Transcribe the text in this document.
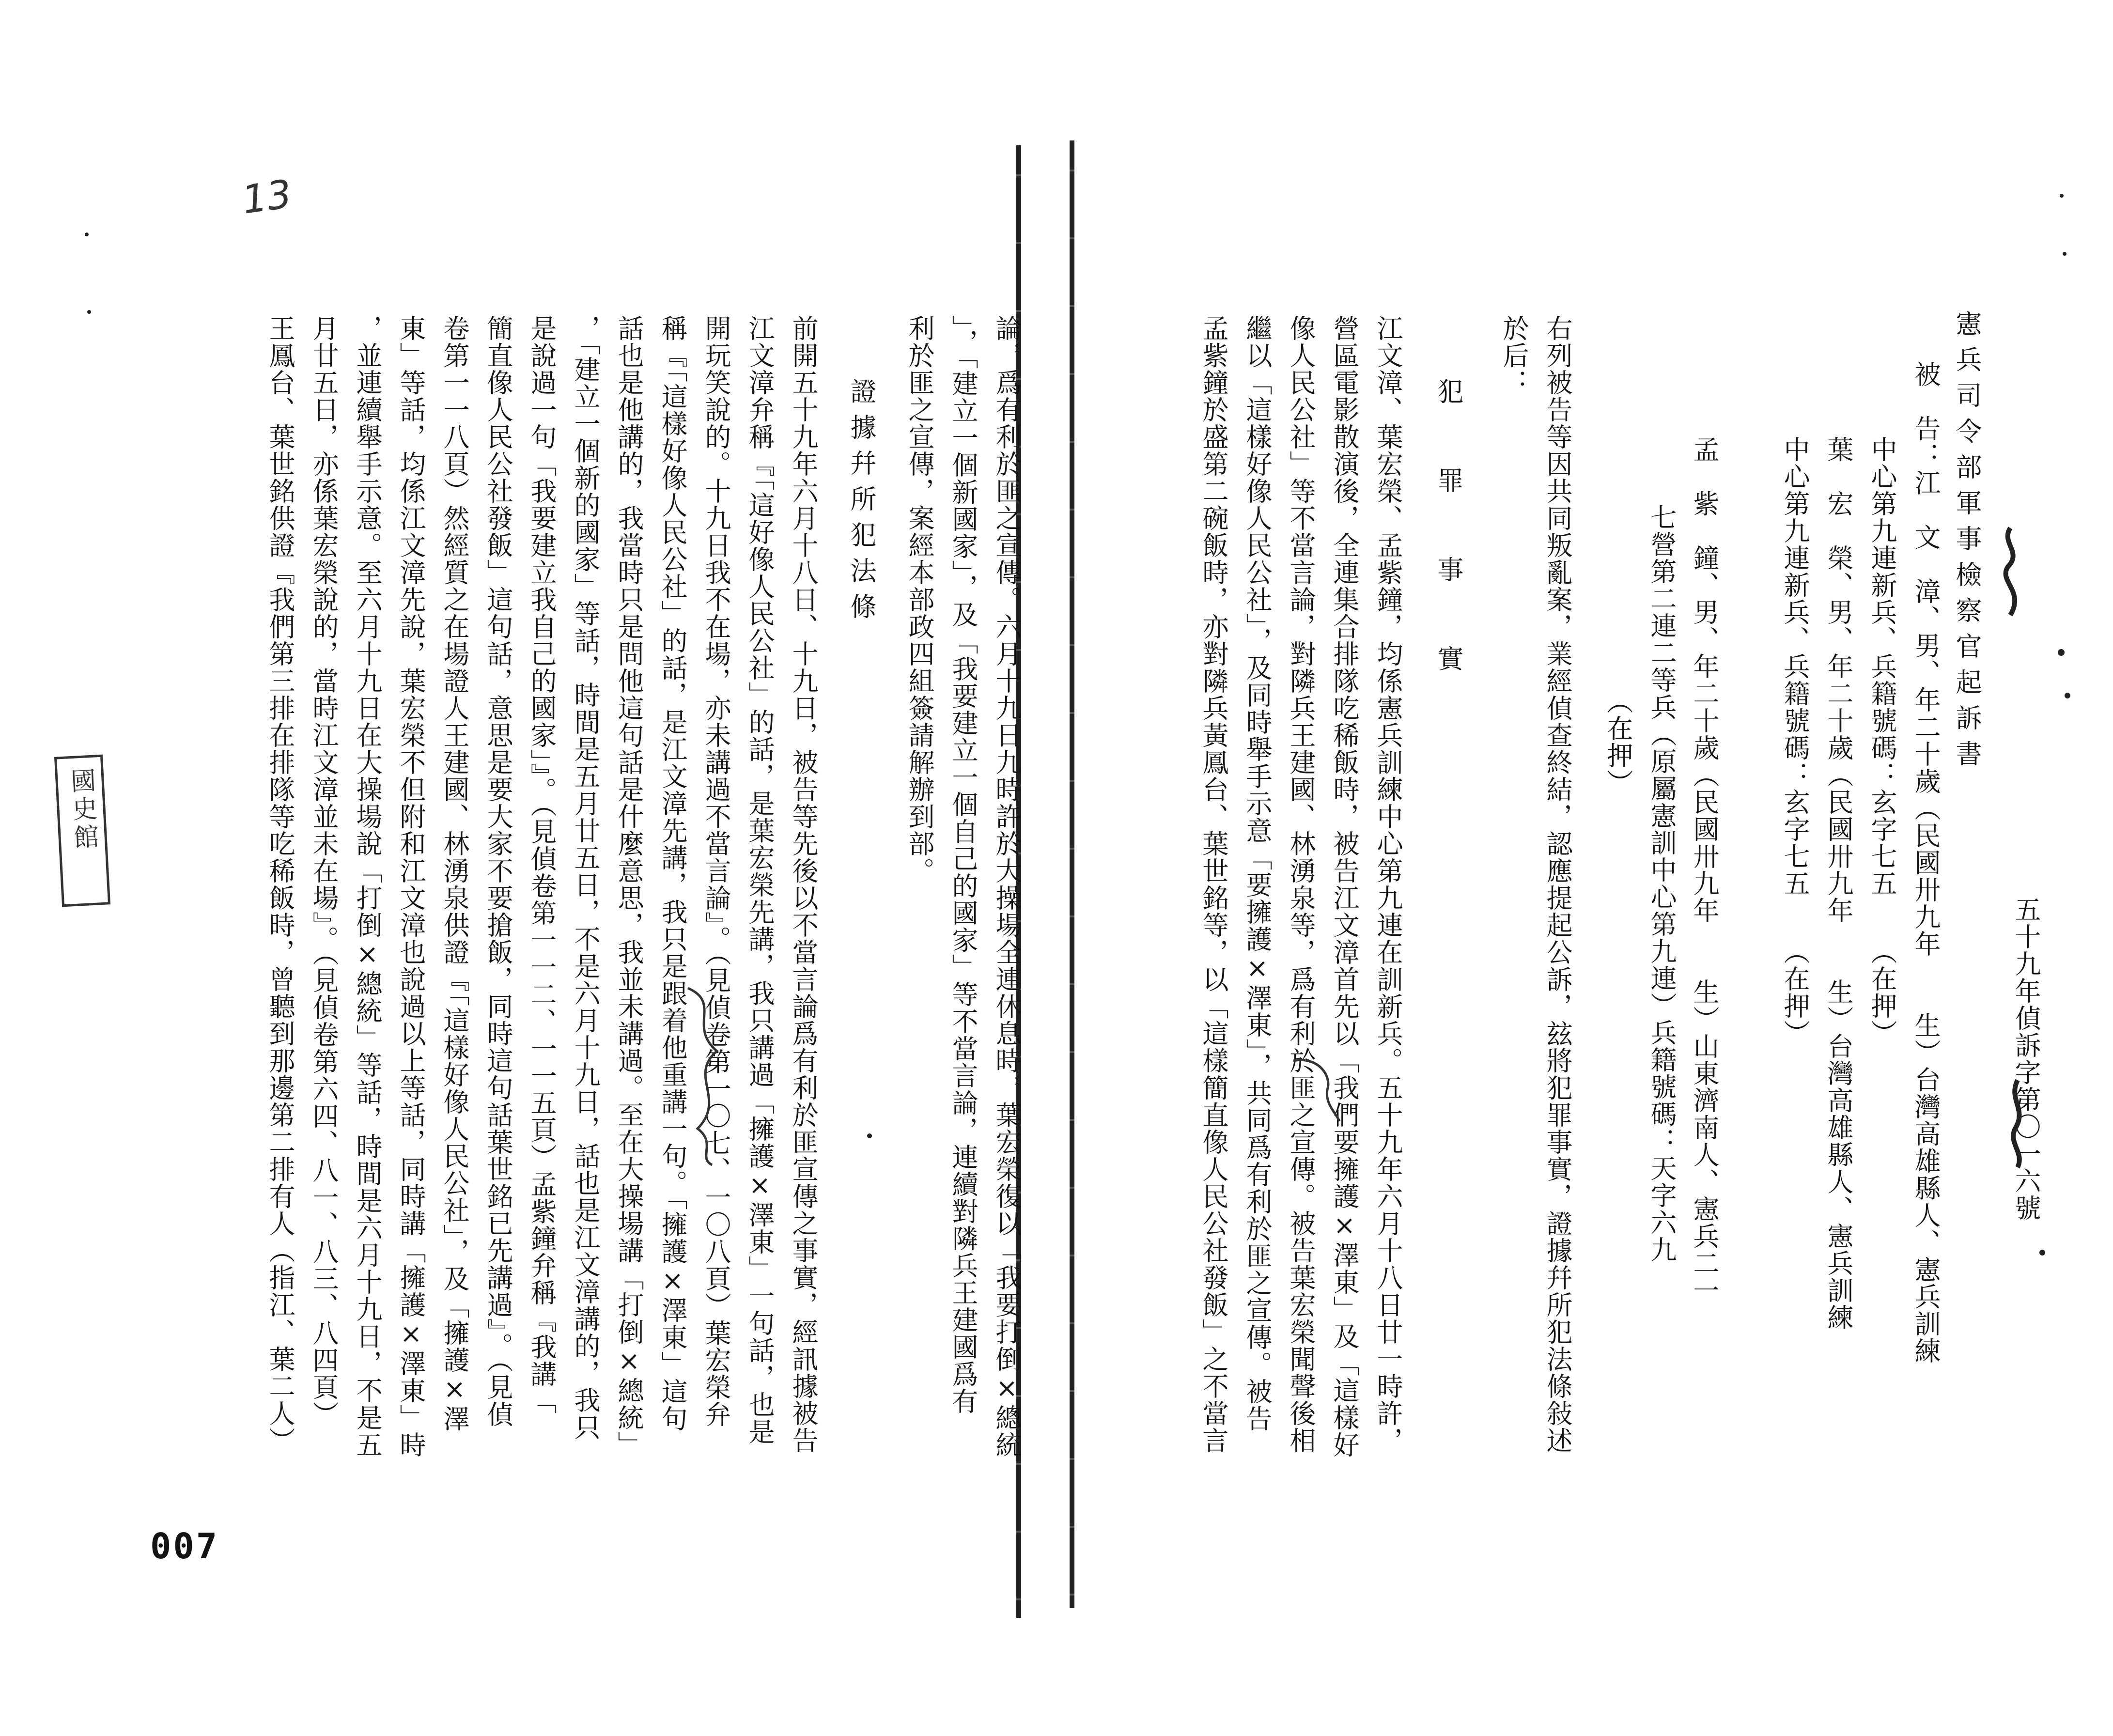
憲兵司令部軍事檢察官起訴書
五十九年偵訴字第〇一六號
被　告：江　文　漳、男、年二十歲（民國卅九年　　生）台灣高雄縣人、憲兵訓練
中心第九連新兵、兵籍號碼：玄字七五　　（在押）
葉　宏　榮、男、年二十歲（民國卅九年　　生）台灣高雄縣人、憲兵訓練
中心第九連新兵、兵籍號碼：玄字七五　　（在押）
孟　紫　鐘、男、年二十歲（民國卅九年　　生）山東濟南人、憲兵二一
七營第二連二等兵（原屬憲訓中心第九連）兵籍號碼：天字六九
（在押）
右列被告等因共同叛亂案，業經偵查終結，認應提起公訴，玆將犯罪事實，證據幷所犯法條敍述
於后：
犯　罪　事　實
江文漳、葉宏榮、孟紫鐘，均係憲兵訓練中心第九連在訓新兵。五十九年六月十八日廿一時許，
營區電影散演後，全連集合排隊吃稀飯時，被告江文漳首先以「我們要擁護×澤東」及「這樣好
像人民公社」等不當言論，對隣兵王建國、林湧泉等，爲有利於匪之宣傳。被告葉宏榮聞聲後相
繼以「這樣好像人民公社」，及同時舉手示意「要擁護×澤東」，共同爲有利於匪之宣傳。被告
孟紫鐘於盛第二碗飯時，亦對隣兵黃鳳台、葉世銘等，以「這樣簡直像人民公社發飯」之不當言
論，爲有利於匪之宣傳。六月十九日九時許於大操場全連休息時，葉宏榮復以「我要打倒×總統
」，「建立一個新國家」，及「我要建立一個自己的國家」等不當言論，連續對隣兵王建國爲有
利於匪之宣傳，案經本部政四組簽請解辦到部。
證據幷所犯法條
前開五十九年六月十八日、十九日，被告等先後以不當言論爲有利於匪宣傳之事實，經訊據被告
江文漳弁稱『「這好像人民公社」的話，是葉宏榮先講，我只講過「擁護×澤東」一句話，也是
開玩笑說的。十九日我不在場，亦未講過不當言論』。（見偵卷第一〇七、一〇八頁）葉宏榮弁
稱『「這樣好像人民公社」的話，是江文漳先講，我只是跟着他重講一句。「擁護×澤東」這句
話也是他講的，我當時只是問他這句話是什麼意思，我並未講過。至在大操場講「打倒×總統」
，「建立一個新的國家」等話，時間是五月廿五日，不是六月十九日，話也是江文漳講的，我只
是說過一句「我要建立我自己的國家」』。（見偵卷第一一二、一一五頁）孟紫鐘弁稱『我講「
簡直像人民公社發飯」這句話，意思是要大家不要搶飯，同時這句話葉世銘已先講過』。（見偵
卷第一一八頁）然經質之在場證人王建國、林湧泉供證『「這樣好像人民公社」，及「擁護×澤
東」等話，均係江文漳先說，葉宏榮不但附和江文漳也說過以上等話，同時講「擁護×澤東」時
，並連續舉手示意。至六月十九日在大操場說「打倒×總統」等話，時間是六月十九日，不是五
月廿五日，亦係葉宏榮說的，當時江文漳並未在場』。（見偵卷第六四、八一、八三、八四頁）
王鳳台、葉世銘供證『我們第三排在排隊等吃稀飯時，曾聽到那邊第二排有人（指江、葉二人）
13
007
國史館
